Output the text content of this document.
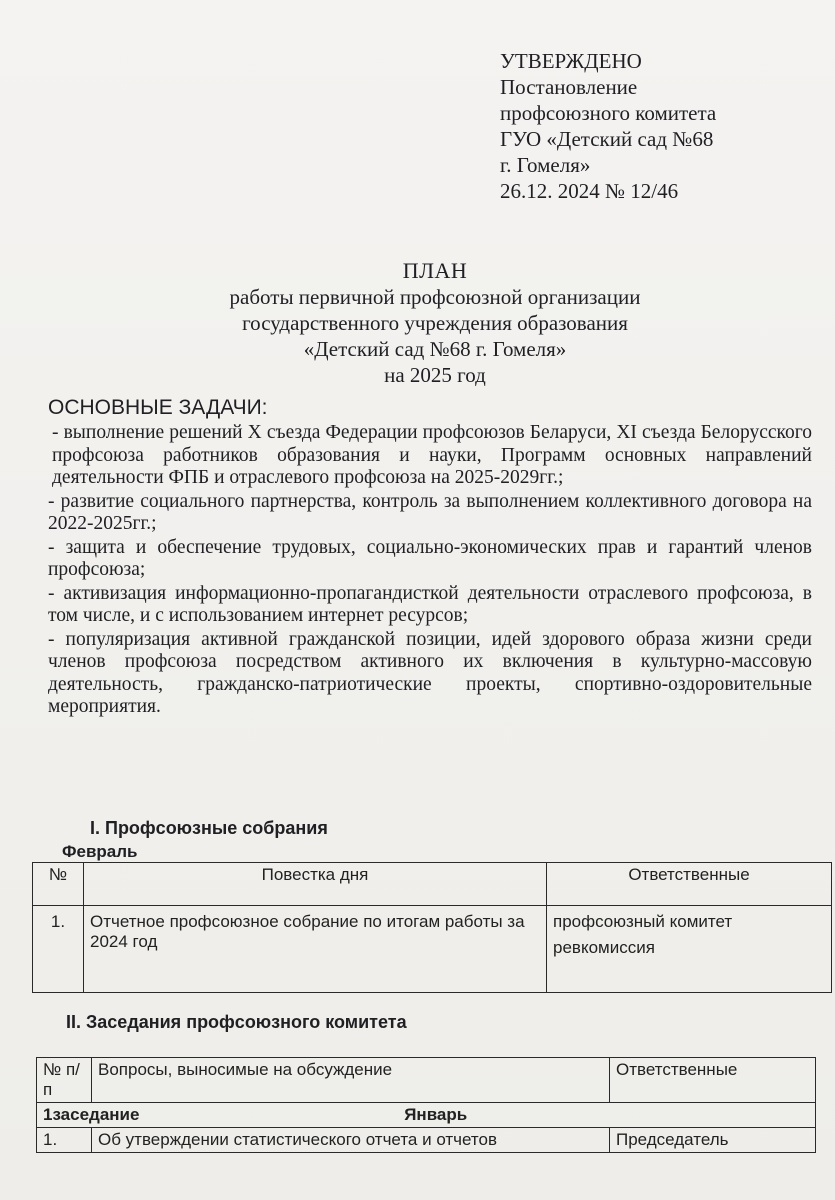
УТВЕРЖДЕНО
Постановление
профсоюзного комитета
ГУО «Детский сад №68
г. Гомеля»
26.12. 2024 № 12/46
ПЛАН
работы первичной профсоюзной организации
государственного учреждения образования
«Детский сад №68 г. Гомеля»
на 2025 год
ОСНОВНЫЕ ЗАДАЧИ:

- выполнение решений X съезда Федерации профсоюзов Беларуси, XI съезда Белорусского профсоюза работников образования и науки, Программ основных направлений деятельности ФПБ и отраслевого профсоюза на 2025-2029гг.;

- развитие социального партнерства, контроль за выполнением коллективного договора на 2022-2025гг.;

- защита и обеспечение трудовых, социально-экономических прав и гарантий членов профсоюза;

- активизация информационно-пропагандисткой деятельности отраслевого профсоюза, в том числе, и с использованием интернет ресурсов;

- популяризация активной гражданской позиции, идей здорового образа жизни среди членов профсоюза посредством активного их включения в культурно-массовую деятельность, гражданско-патриотические проекты, спортивно-оздоровительные мероприятия.

I. Профсоюзные собрания
Февраль
№	Повестка дня	Ответственные
1.	Отчетное профсоюзное собрание по итогам работы за 2024 год	профсоюзный комитет
ревкомиссия
II. Заседания профсоюзного комитета
№ п/п	Вопросы, выносимые на обсуждение	Ответственные
1заседание Январь		
1.	Об утверждении статистического отчета и отчетов	Председатель
